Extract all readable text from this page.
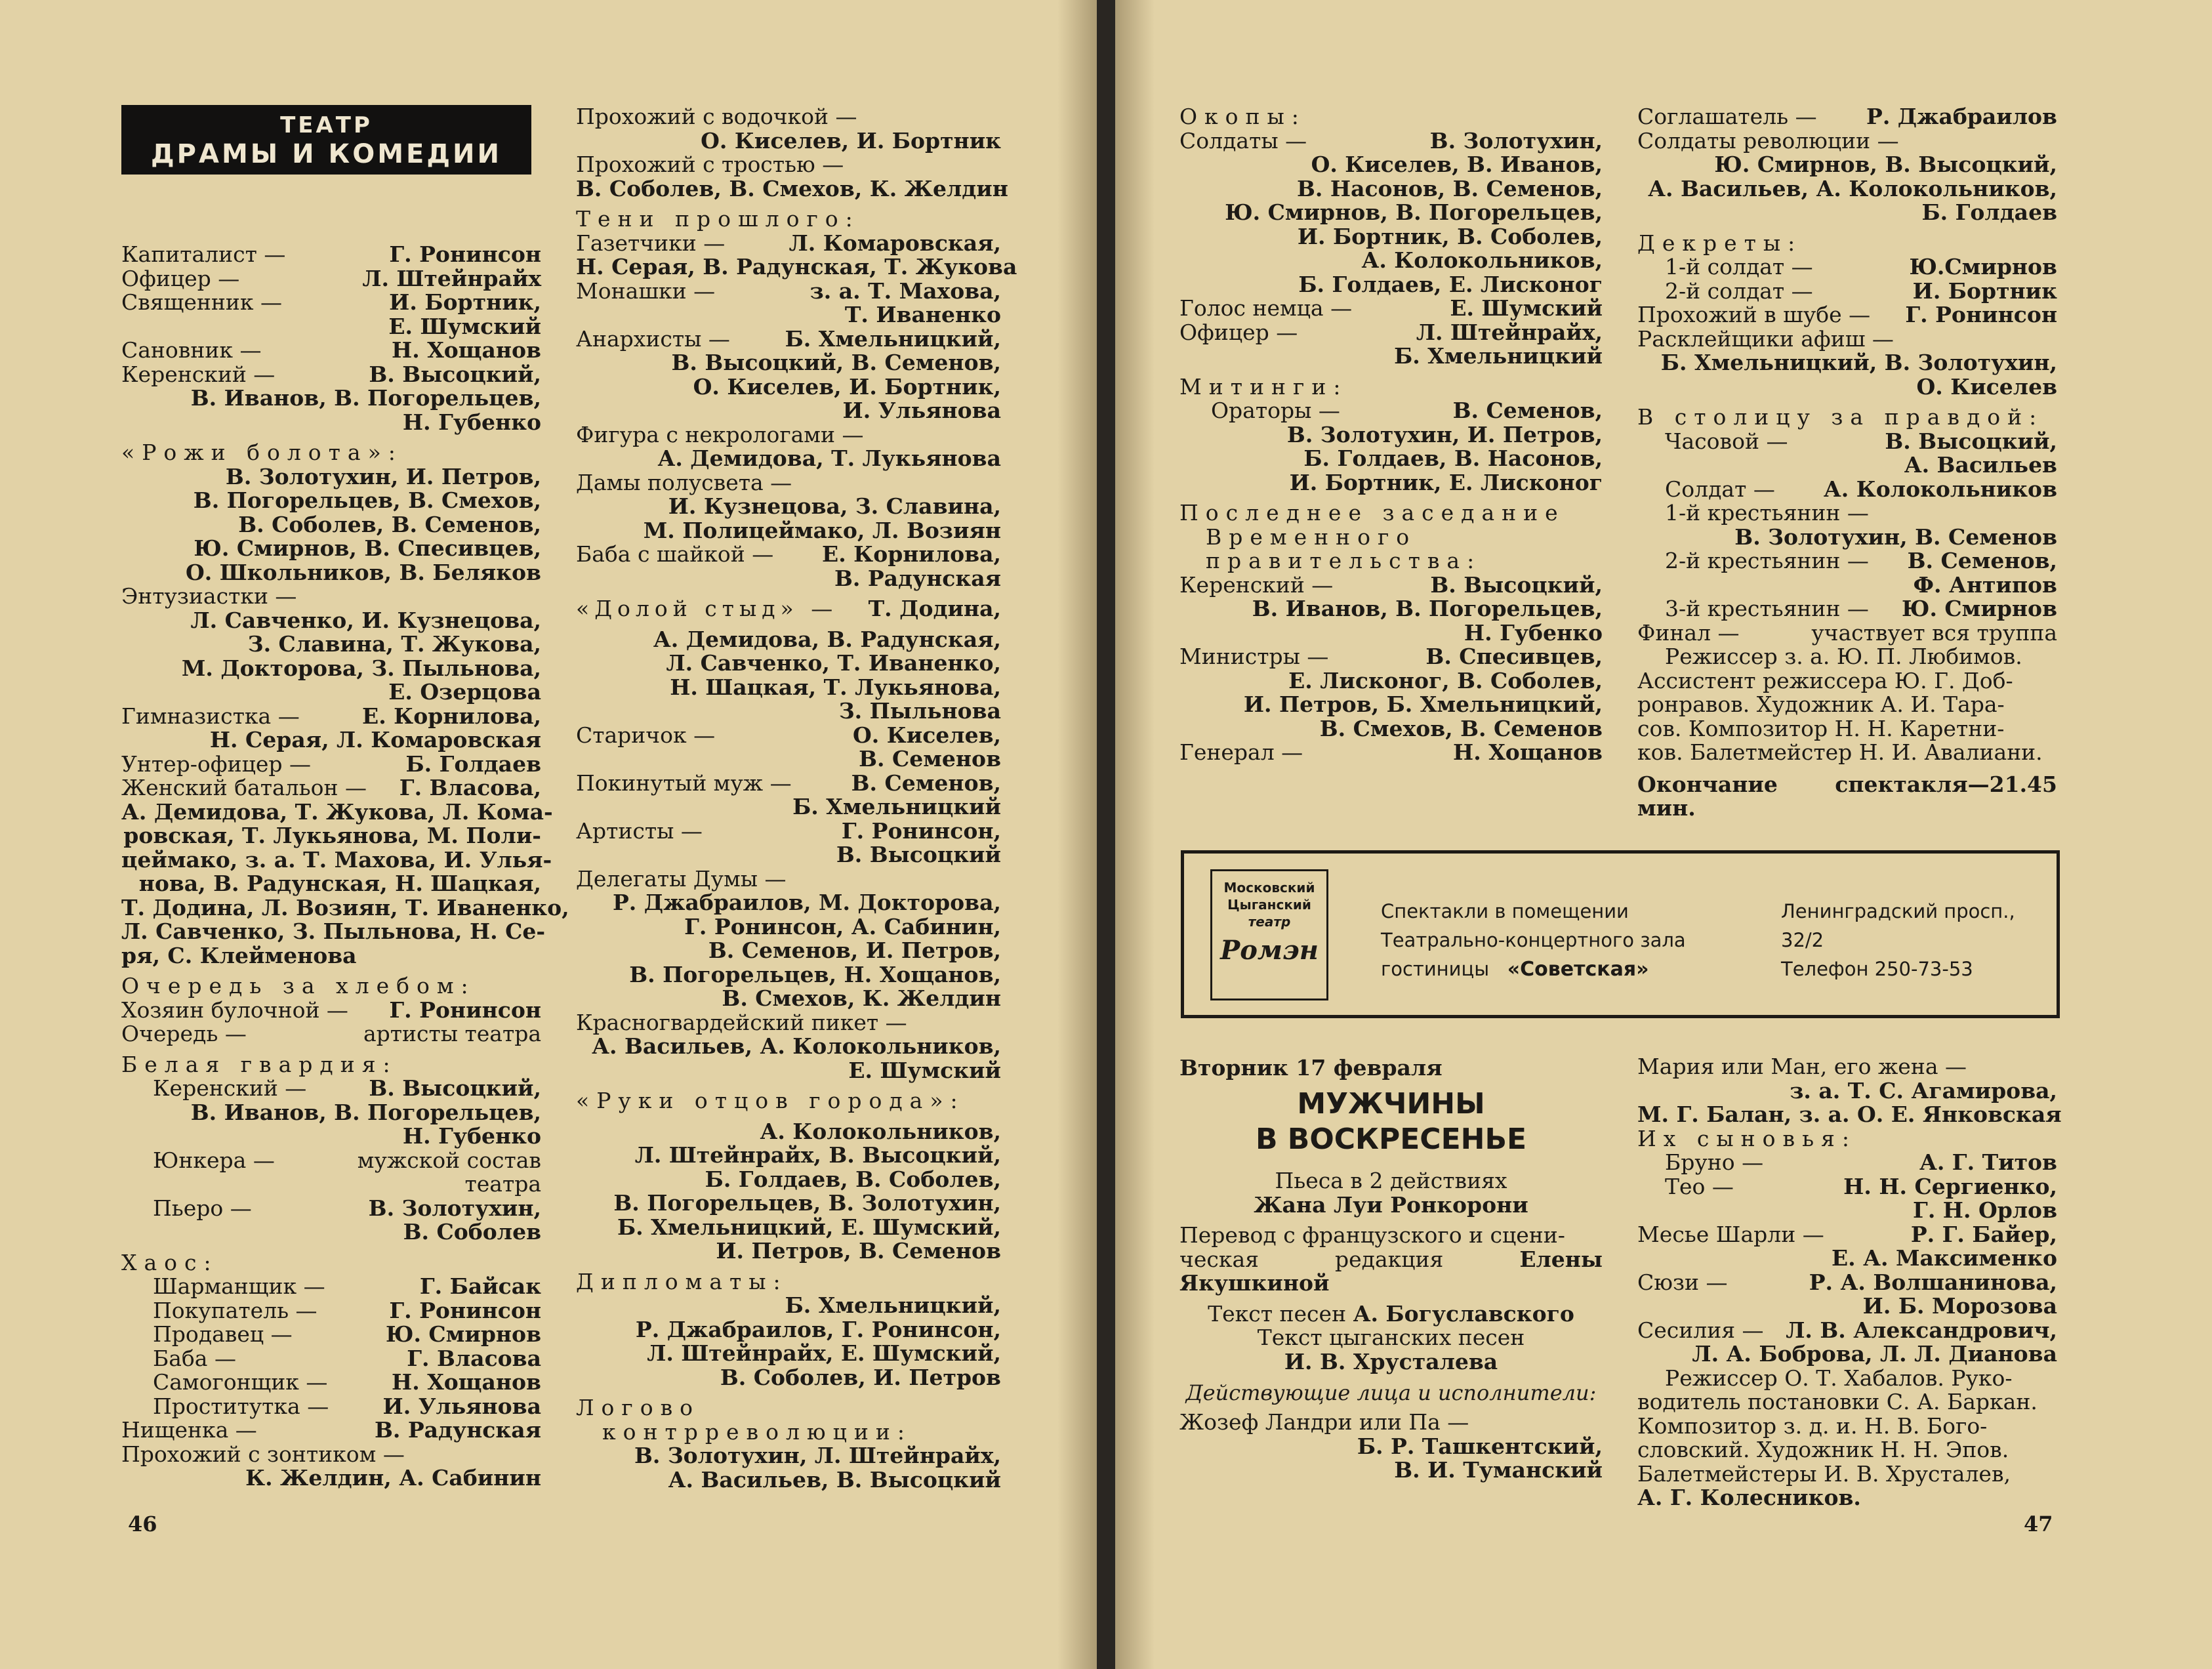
ТЕАТР
ДРАМЫ И КОМЕДИИ
Капиталист —	Г. Ронинсон
Офицер —	Л. Штейнрайх
Священник —	И. Бортник,
Е. Шумский
Сановник —	Н. Хощанов
Керенский —	В. Высоцкий,
В. Иванов, В. Погорельцев,
Н. Губенко
«Рожи болота»:
В. Золотухин, И. Петров,
В. Погорельцев, В. Смехов,
В. Соболев, В. Семенов,
Ю. Смирнов, В. Спесивцев,
О. Школьников, В. Беляков
Энтузиастки —
Л. Савченко, И. Кузнецова,
З. Славина, Т. Жукова,
М. Докторова, З. Пыльнова,
Е. Озерцова
Гимназистка —	Е. Корнилова,
Н. Серая, Л. Комаровская
Унтер-офицер —	Б. Голдаев
Женский батальон — Г. Власова,
А. Демидова, Т. Жукова, Л. Кома-
ровская, Т. Лукьянова, М. Поли-
цеймако, з. а. Т. Махова, И. Улья-
нова, В. Радунская, Н. Шацкая,
Т. Додина, Л. Возиян, Т. Иваненко,
Л. Савченко, З. Пыльнова, Н. Се-
ря, С. Клейменова
Очередь за хлебом:
Хозяин булочной — Г. Ронинсон
Очередь —	артисты театра
Белая гвардия:
Керенский —	В. Высоцкий,
В. Иванов, В. Погорельцев,
Н. Губенко
Юнкера —	мужской состав
театра
Пьеро —	В. Золотухин,
В. Соболев
Хаос:
Шарманщик —	Г. Байсак
Покупатель —	Г. Ронинсон
Продавец —	Ю. Смирнов
Баба —	Г. Власова
Самогонщик —	Н. Хощанов
Проститутка — И. Ульянова
Нищенка —	В. Радунская
Прохожий с зонтиком —
К. Желдин, А. Сабинин
Прохожий с водочкой —
О. Киселев, И. Бортник
Прохожий с тростью —
В. Соболев, В. Смехов, К. Желдин
Тени прошлого:
Газетчики —	Л. Комаровская,
Н. Серая, В. Радунская, Т. Жукова
Монашки —	з. а. Т. Махова,
Т. Иваненко
Анархисты —	Б. Хмельницкий,
В. Высоцкий, В. Семенов,
О. Киселев, И. Бортник,
И. Ульянова
Фигура с некрологами —
А. Демидова, Т. Лукьянова
Дамы полусвета —
И. Кузнецова, З. Славина,
М. Полицеймако, Л. Возиян
Баба с шайкой — Е. Корнилова,
В. Радунская
«Долой стыд» — Т. Додина,
А. Демидова, В. Радунская,
Л. Савченко, Т. Иваненко,
Н. Шацкая, Т. Лукьянова,
З. Пыльнова
Старичок —	О. Киселев,
В. Семенов
Покинутый муж —	В. Семенов,
Б. Хмельницкий
Артисты —	Г. Ронинсон,
В. Высоцкий
Делегаты Думы —
Р. Джабраилов, М. Докторова,
Г. Ронинсон, А. Сабинин,
В. Семенов, И. Петров,
В. Погорельцев, Н. Хощанов,
В. Смехов, К. Желдин
Красногвардейский пикет —
А. Васильев, А. Колокольников,
Е. Шумский
«Руки отцов города»:
А. Колокольников,
Л. Штейнрайх, В. Высоцкий,
Б. Голдаев, В. Соболев,
В. Погорельцев, В. Золотухин,
Б. Хмельницкий, Е. Шумский,
И. Петров, В. Семенов
Дипломаты:
Б. Хмельницкий,
Р. Джабраилов, Г. Ронинсон,
Л. Штейнрайх, Е. Шумский,
В. Соболев, И. Петров
Логово
контрреволюции:
В. Золотухин, Л. Штейнрайх,
А. Васильев, В. Высоцкий
46
Окопы:
Солдаты —	В. Золотухин,
О. Киселев, В. Иванов,
В. Насонов, В. Семенов,
Ю. Смирнов, В. Погорельцев,
И. Бортник, В. Соболев,
А. Колокольников,
Б. Голдаев, Е. Лисконог
Голос немца —	Е. Шумский
Офицер —	Л. Штейнрайх,
Б. Хмельницкий
Митинги:
Ораторы —	В. Семенов,
В. Золотухин, И. Петров,
Б. Голдаев, В. Насонов,
И. Бортник, Е. Лисконог
Последнее заседание
Временного
правительства:
Керенский —	В. Высоцкий,
В. Иванов, В. Погорельцев,
Н. Губенко
Министры —	В. Спесивцев,
Е. Лисконог, В. Соболев,
И. Петров, Б. Хмельницкий,
В. Смехов, В. Семенов
Генерал —	Н. Хощанов
Соглашатель — Р. Джабраилов
Солдаты революции —
Ю. Смирнов, В. Высоцкий,
А. Васильев, А. Колокольников,
Б. Голдаев
Декреты:
1-й солдат —	Ю.Смирнов
2-й солдат —	И. Бортник
Прохожий в шубе — Г. Ронинсон
Расклейщики афиш —
Б. Хмельницкий, В. Золотухин,
О. Киселев
В столицу за правдой:
Часовой —	В. Высоцкий,
А. Васильев
Солдат — А. Колокольников
1-й крестьянин —
В. Золотухин, В. Семенов
2-й крестьянин — В. Семенов,
Ф. Антипов
3-й крестьянин — Ю. Смирнов
Финал —	участвует вся труппа
Режиссер з. а. Ю. П. Любимов.
Ассистент режиссера Ю. Г. Доб-
ронравов. Художник А. И. Тара-
сов. Композитор Н. Н. Каретни-
ков. Балетмейстер Н. И. Авалиани.
Окончание спектакля—21.45 мин.
Московский
Цыганский
театр
Ромэн
Спектакли в помещении
Театрально-концертного зала
гостиницы «Советская»
Ленинградский просп.,
32/2
Телефон 250-73-53
Вторник 17 февраля
МУЖЧИНЫ
В ВОСКРЕСЕНЬЕ
Пьеса в 2 действиях
Жана Луи Ронкорони
Перевод с французского и сцени-
ческая редакция	Елены Якушкиной
Текст песен А. Богуславского
Текст цыганских песен
И. В. Хрусталева
Действующие лица и исполнители:
Жозеф Ландри или Па —
Б. Р. Ташкентский,
В. И. Туманский
Мария или Ман, его жена —
з. а. Т. С. Агамирова,
М. Г. Балан, з. а. О. Е. Янковская
Их сыновья:
Бруно —	А. Г. Титов
Тео —	Н. Н. Сергиенко,
Г. Н. Орлов
Месье Шарли —	Р. Г. Байер,
Е. А. Максименко
Сюзи —	Р. А. Волшанинова,
И. Б. Морозова
Сесилия — Л. В. Александрович,
Л. А. Боброва, Л. Л. Дианова
Режиссер О. Т. Хабалов. Руко-
водитель постановки С. А. Баркан.
Композитор з. д. и. Н. В. Бого-
словский. Художник Н. Н. Эпов.
Балетмейстеры И. В. Хрусталев,
А. Г. Колесников.
47
